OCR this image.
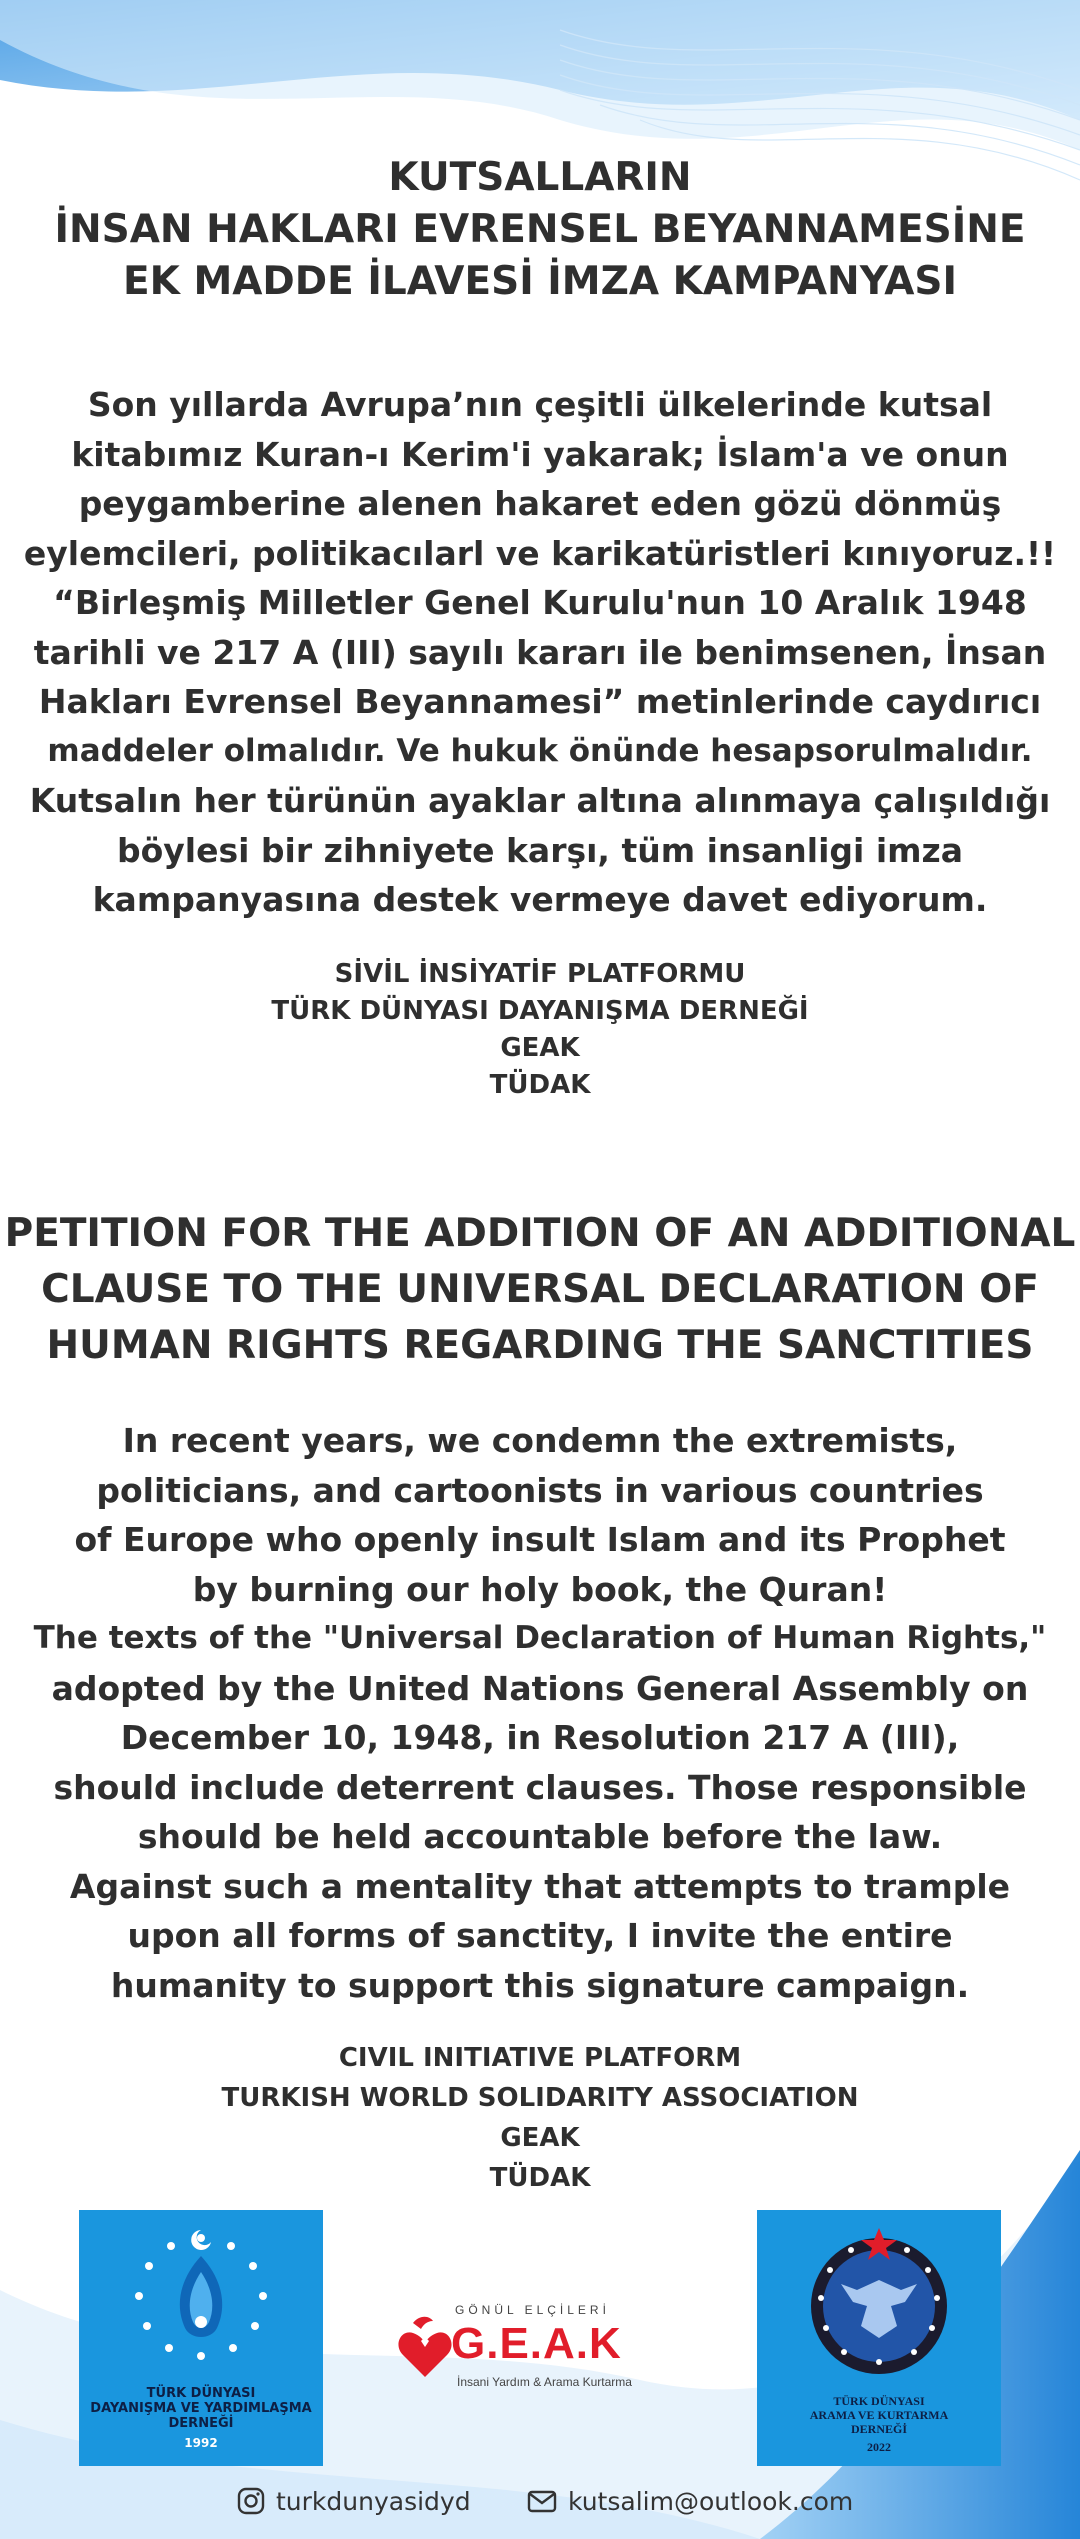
KUTSALLARIN
İNSAN HAKLARI EVRENSEL BEYANNAMESİNE
EK MADDE İLAVESİ İMZA KAMPANYASI
Son yıllarda Avrupa’nın çeşitli ülkelerinde kutsal
kitabımız Kuran-ı Kerim'i yakarak; İslam'a ve onun
peygamberine alenen hakaret eden gözü dönmüş
eylemcileri, politikacılarl ve karikatüristleri kınıyoruz.!!
“Birleşmiş Milletler Genel Kurulu'nun 10 Aralık 1948
tarihli ve 217 A (III) sayılı kararı ile benimsenen, İnsan
Hakları Evrensel Beyannamesi” metinlerinde caydırıcı
maddeler olmalıdır. Ve hukuk önünde hesapsorulmalıdır.
Kutsalın her türünün ayaklar altına alınmaya çalışıldığı
böylesi bir zihniyete karşı, tüm insanligi imza
kampanyasına destek vermeye davet ediyorum.
SİVİL İNSİYATİF PLATFORMU
TÜRK DÜNYASI DAYANIŞMA DERNEĞİ
GEAK
TÜDAK
PETITION FOR THE ADDITION OF AN ADDITIONAL
CLAUSE TO THE UNIVERSAL DECLARATION OF
HUMAN RIGHTS REGARDING THE SANCTITIES
In recent years, we condemn the extremists,
politicians, and cartoonists in various countries
of Europe who openly insult Islam and its Prophet
by burning our holy book, the Quran!
The texts of the "Universal Declaration of Human Rights,"
adopted by the United Nations General Assembly on
December 10, 1948, in Resolution 217 A (III),
should include deterrent clauses. Those responsible
should be held accountable before the law.
Against such a mentality that attempts to trample
upon all forms of sanctity, I invite the entire
humanity to support this signature campaign.
CIVIL INITIATIVE PLATFORM
TURKISH WORLD SOLIDARITY ASSOCIATION
GEAK
TÜDAK
TÜRK DÜNYASI
DAYANIŞMA VE YARDIMLAŞMA
DERNEĞİ
1992
GÖNÜL ELÇİLERİ
G.E.A.K
İnsani Yardım & Arama Kurtarma
TÜRK DÜNYASI
ARAMA VE KURTARMA
DERNEĞİ
2022
turkdunyasidyd	kutsalim@outlook.com
